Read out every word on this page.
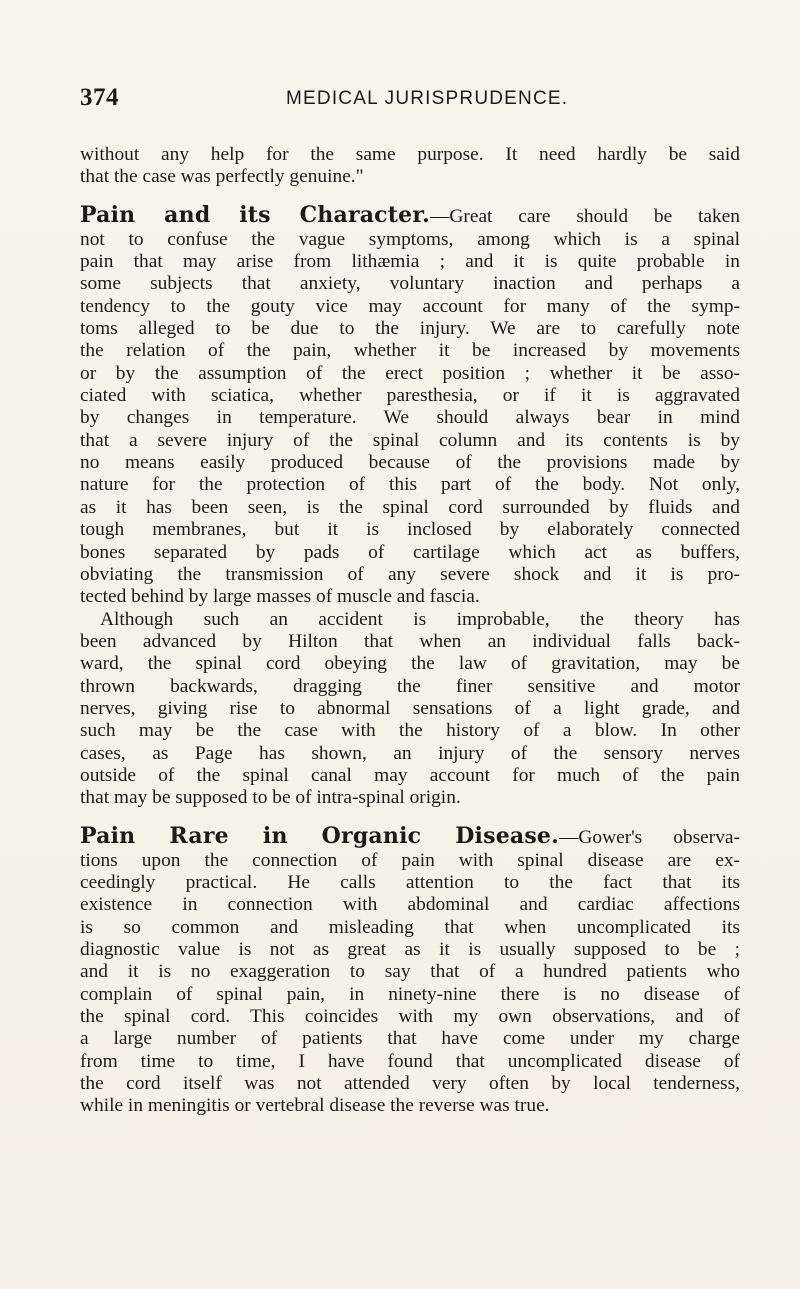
374	MEDICAL JURISPRUDENCE.
without any help for the same purpose. It need hardly be said
that the case was perfectly genuine."
Pain and its Character.—Great care should be taken
not to confuse the vague symptoms, among which is a spinal
pain that may arise from lithæmia ; and it is quite probable in
some subjects that anxiety, voluntary inaction and perhaps a
tendency to the gouty vice may account for many of the symp-
toms alleged to be due to the injury. We are to carefully note
the relation of the pain, whether it be increased by movements
or by the assumption of the erect position ; whether it be asso-
ciated with sciatica, whether paresthesia, or if it is aggravated
by changes in temperature. We should always bear in mind
that a severe injury of the spinal column and its contents is by
no means easily produced because of the provisions made by
nature for the protection of this part of the body. Not only,
as it has been seen, is the spinal cord surrounded by fluids and
tough membranes, but it is inclosed by elaborately connected
bones separated by pads of cartilage which act as buffers,
obviating the transmission of any severe shock and it is pro-
tected behind by large masses of muscle and fascia.
Although such an accident is improbable, the theory has
been advanced by Hilton that when an individual falls back-
ward, the spinal cord obeying the law of gravitation, may be
thrown backwards, dragging the finer sensitive and motor
nerves, giving rise to abnormal sensations of a light grade, and
such may be the case with the history of a blow. In other
cases, as Page has shown, an injury of the sensory nerves
outside of the spinal canal may account for much of the pain
that may be supposed to be of intra-spinal origin.
Pain Rare in Organic Disease.—Gower's observa-
tions upon the connection of pain with spinal disease are ex-
ceedingly practical. He calls attention to the fact that its
existence in connection with abdominal and cardiac affections
is so common and misleading that when uncomplicated its
diagnostic value is not as great as it is usually supposed to be ;
and it is no exaggeration to say that of a hundred patients who
complain of spinal pain, in ninety-nine there is no disease of
the spinal cord. This coincides with my own observations, and of
a large number of patients that have come under my charge
from time to time, I have found that uncomplicated disease of
the cord itself was not attended very often by local tenderness,
while in meningitis or vertebral disease the reverse was true.
